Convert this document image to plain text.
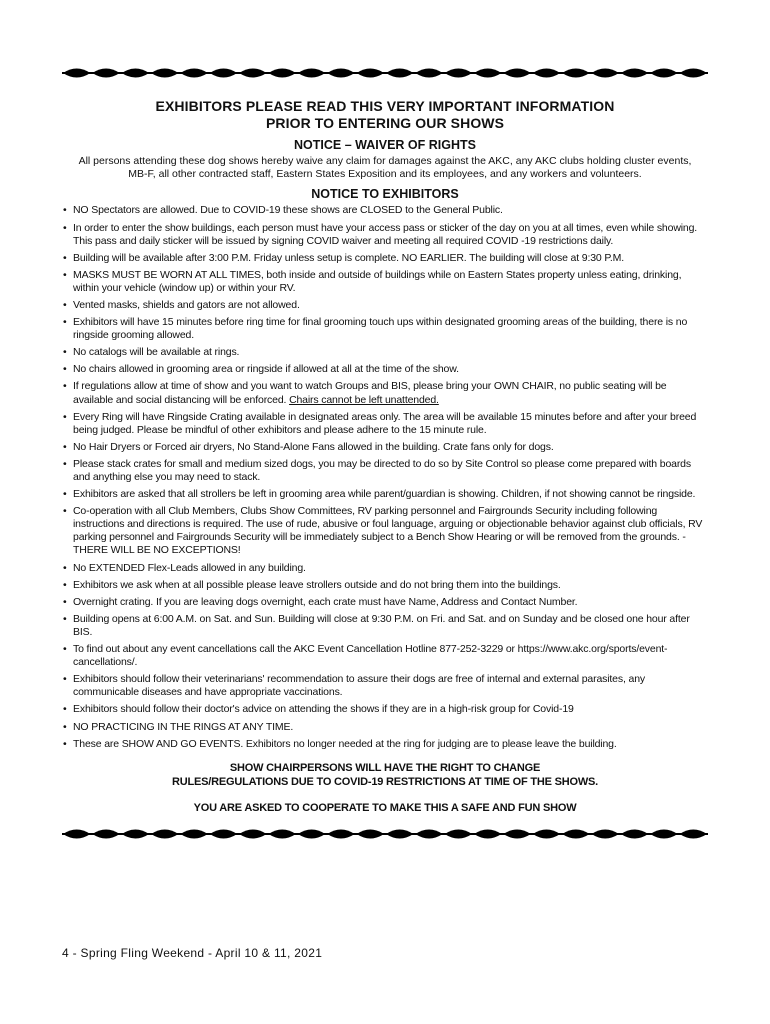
EXHIBITORS PLEASE READ THIS VERY IMPORTANT INFORMATION
PRIOR TO ENTERING OUR SHOWS
NOTICE – WAIVER OF RIGHTS
All persons attending these dog shows hereby waive any claim for damages against the AKC, any AKC clubs holding cluster events, MB-F, all other contracted staff, Eastern States Exposition and its employees, and any workers and volunteers.
NOTICE TO EXHIBITORS
• NO Spectators are allowed. Due to COVID-19 these shows are CLOSED to the General Public.
• In order to enter the show buildings, each person must have your access pass or sticker of the day on you at all times, even while showing. This pass and daily sticker will be issued by signing COVID waiver and meeting all required COVID -19 restrictions daily.
• Building will be available after 3:00 P.M. Friday unless setup is complete. NO EARLIER. The building will close at 9:30 P.M.
• MASKS MUST BE WORN AT ALL TIMES, both inside and outside of buildings while on Eastern States property unless eating, drinking, within your vehicle (window up) or within your RV.
• Vented masks, shields and gators are not allowed.
• Exhibitors will have 15 minutes before ring time for final grooming touch ups within designated grooming areas of the building, there is no ringside grooming allowed.
• No catalogs will be available at rings.
• No chairs allowed in grooming area or ringside if allowed at all at the time of the show.
• If regulations allow at time of show and you want to watch Groups and BIS, please bring your OWN CHAIR, no public seating will be available and social distancing will be enforced. Chairs cannot be left unattended.
• Every Ring will have Ringside Crating available in designated areas only. The area will be available 15 minutes before and after your breed being judged. Please be mindful of other exhibitors and please adhere to the 15 minute rule.
• No Hair Dryers or Forced air dryers, No Stand-Alone Fans allowed in the building. Crate fans only for dogs.
• Please stack crates for small and medium sized dogs, you may be directed to do so by Site Control so please come prepared with boards and anything else you may need to stack.
• Exhibitors are asked that all strollers be left in grooming area while parent/guardian is showing. Children, if not showing cannot be ringside.
• Co-operation with all Club Members, Clubs Show Committees, RV parking personnel and Fairgrounds Security including following instructions and directions is required. The use of rude, abusive or foul language, arguing or objectionable behavior against club officials, RV parking personnel and Fairgrounds Security will be immediately subject to a Bench Show Hearing or will be removed from the grounds. -THERE WILL BE NO EXCEPTIONS!
• No EXTENDED Flex-Leads allowed in any building.
• Exhibitors we ask when at all possible please leave strollers outside and do not bring them into the buildings.
• Overnight crating. If you are leaving dogs overnight, each crate must have Name, Address and Contact Number.
• Building opens at 6:00 A.M. on Sat. and Sun. Building will close at 9:30 P.M. on Fri. and Sat. and on Sunday and be closed one hour after BIS.
• To find out about any event cancellations call the AKC Event Cancellation Hotline 877-252-3229 or https://www.akc.org/sports/event-cancellations/.
• Exhibitors should follow their veterinarians' recommendation to assure their dogs are free of internal and external parasites, any communicable diseases and have appropriate vaccinations.
• Exhibitors should follow their doctor's advice on attending the shows if they are in a high-risk group for Covid-19
• NO PRACTICING IN THE RINGS AT ANY TIME.
• These are SHOW AND GO EVENTS. Exhibitors no longer needed at the ring for judging are to please leave the building.
SHOW CHAIRPERSONS WILL HAVE THE RIGHT TO CHANGE
RULES/REGULATIONS DUE TO COVID-19 RESTRICTIONS AT TIME OF THE SHOWS.
YOU ARE ASKED TO COOPERATE TO MAKE THIS A SAFE AND FUN SHOW
4 - Spring Fling Weekend - April 10 & 11, 2021
